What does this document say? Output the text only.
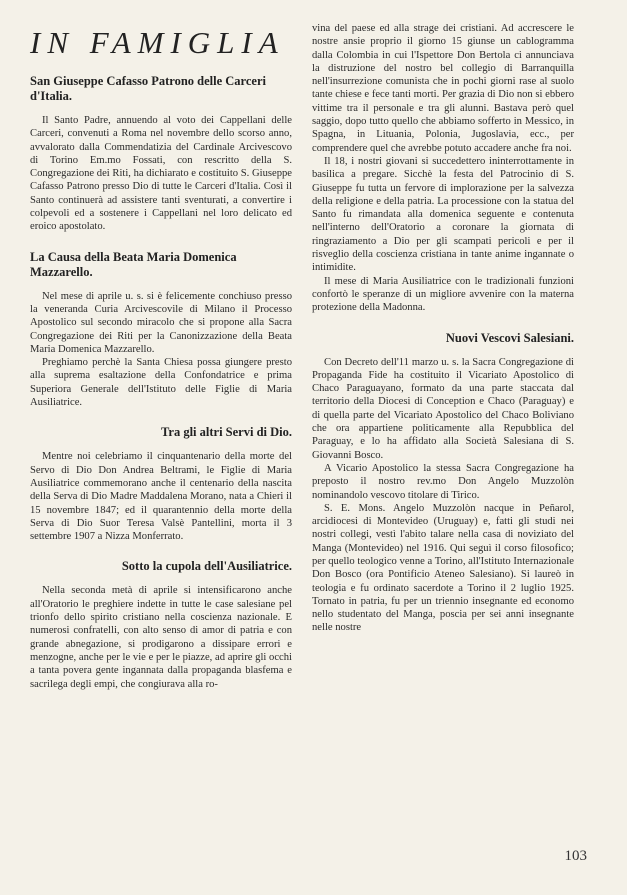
IN FAMIGLIA
San Giuseppe Cafasso Patrono delle Carceri d'Italia.

Il Santo Padre, annuendo al voto dei Cappellani delle Carceri, convenuti a Roma nel novembre dello scorso anno, avvalorato dalla Commendatizia del Cardinale Arcivescovo di Torino Em.mo Fossati, con rescritto della S. Congregazione dei Riti, ha dichiarato e costituito S. Giuseppe Cafasso Patrono presso Dio di tutte le Carceri d'Italia. Così il Santo continuerà ad assistere tanti sventurati, a convertire i colpevoli ed a sostenere i Cappellani nel loro delicato ed eroico apostolato.

La Causa della Beata Maria Domenica Mazzarello.

Nel mese di aprile u. s. si è felicemente conchiuso presso la veneranda Curia Arcivescovile di Milano il Processo Apostolico sul secondo miracolo che si propone alla Sacra Congregazione dei Riti per la Canonizzazione della Beata Maria Domenica Mazzarello.

Preghiamo perchè la Santa Chiesa possa giungere presto alla suprema esaltazione della Confondatrice e prima Superiora Generale dell'Istituto delle Figlie di Maria Ausiliatrice.

Tra gli altri Servi di Dio.

Mentre noi celebriamo il cinquantenario della morte del Servo di Dio Don Andrea Beltrami, le Figlie di Maria Ausiliatrice commemorano anche il centenario della nascita della Serva di Dio Madre Maddalena Morano, nata a Chieri il 15 novembre 1847; ed il quarantennio della morte della Serva di Dio Suor Teresa Valsè Pantellini, morta il 3 settembre 1907 a Nizza Monferrato.

Sotto la cupola dell'Ausiliatrice.

Nella seconda metà di aprile si intensificarono anche all'Oratorio le preghiere indette in tutte le case salesiane pel trionfo dello spirito cristiano nella coscienza nazionale. E numerosi confratelli, con alto senso di amor di patria e con grande abnegazione, si prodigarono a dissipare errori e menzogne, anche per le vie e per le piazze, ad aprire gli occhi a tanta povera gente ingannata dalla propaganda blasfema e sacrilega degli empi, che congiurava alla ro-

vina del paese ed alla strage dei cristiani. Ad accrescere le nostre ansie proprio il giorno 15 giunse un cablogramma dalla Colombia in cui l'Ispettore Don Bertola ci annunciava la distruzione del nostro bel collegio di Barranquilla nell'insurrezione comunista che in pochi giorni rase al suolo tante chiese e fece tanti morti. Per grazia di Dio non si ebbero vittime tra il personale e tra gli alunni. Bastava però quel saggio, dopo tutto quello che abbiamo sofferto in Messico, in Spagna, in Lituania, Polonia, Jugoslavia, ecc., per comprendere quel che avrebbe potuto accadere anche fra noi.

Il 18, i nostri giovani si succedettero ininterrottamente in basilica a pregare. Sicchè la festa del Patrocinio di S. Giuseppe fu tutta un fervore di implorazione per la salvezza della religione e della patria. La processione con la statua del Santo fu rimandata alla domenica seguente e contenuta nell'interno dell'Oratorio a coronare la giornata di ringraziamento a Dio per gli scampati pericoli e per il risveglio della coscienza cristiana in tante anime ingannate o intimidite.

Il mese di Maria Ausiliatrice con le tradizionali funzioni confortò le speranze di un migliore avvenire con la materna protezione della Madonna.

Nuovi Vescovi Salesiani.

Con Decreto dell'11 marzo u. s. la Sacra Congregazione di Propaganda Fide ha costituito il Vicariato Apostolico di Chaco Paraguayano, formato da una parte staccata dal territorio della Diocesi di Conception e Chaco (Paraguay) e di quella parte del Vicariato Apostolico del Chaco Boliviano che ora appartiene politicamente alla Repubblica del Paraguay, e lo ha affidato alla Società Salesiana di S. Giovanni Bosco.

A Vicario Apostolico la stessa Sacra Congregazione ha preposto il nostro rev.mo Don Angelo Muzzolòn nominandolo vescovo titolare di Tirico.

S. E. Mons. Angelo Muzzolòn nacque in Peñarol, arcidiocesi di Montevideo (Uruguay) e, fatti gli studi nei nostri collegi, vestì l'abito talare nella casa di noviziato del Manga (Montevideo) nel 1916. Qui seguì il corso filosofico; per quello teologico venne a Torino, all'Istituto Internazionale Don Bosco (ora Pontificio Ateneo Salesiano). Si laureò in teologia e fu ordinato sacerdote a Torino il 2 luglio 1925. Tornato in patria, fu per un triennio insegnante ed economo nello studentato del Manga, poscia per sei anni insegnante nelle nostre

103
